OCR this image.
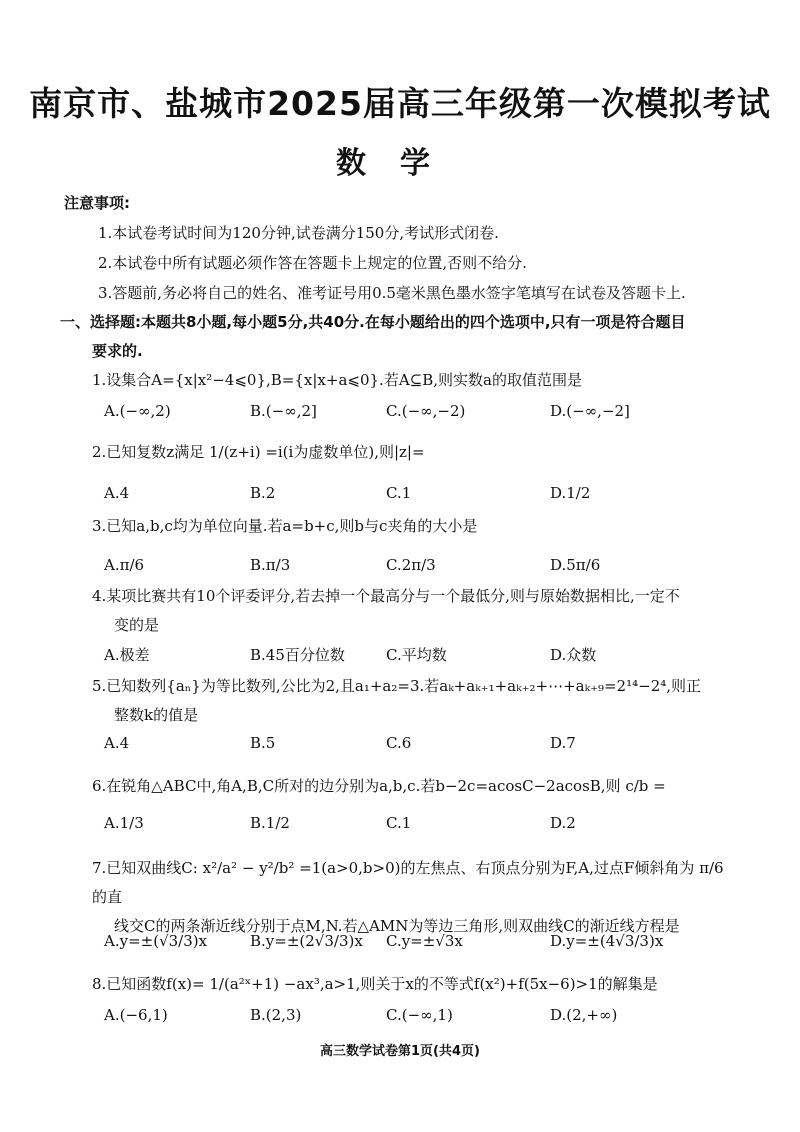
南京市、盐城市2025届高三年级第一次模拟考试
数学
注意事项:
1.本试卷考试时间为120分钟,试卷满分150分,考试形式闭卷.
2.本试卷中所有试题必须作答在答题卡上规定的位置,否则不给分.
3.答题前,务必将自己的姓名、准考证号用0.5毫米黑色墨水签字笔填写在试卷及答题卡上.
一、选择题:本题共8小题,每小题5分,共40分.在每小题给出的四个选项中,只有一项是符合题目
要求的.
1.设集合A={x|x²−4⩽0},B={x|x+a⩽0}.若A⊆B,则实数a的取值范围是
A.(−∞,2)	B.(−∞,2]	C.(−∞,−2)	D.(−∞,−2]
2.已知复数z满足 1/(z+i) =i(i为虚数单位),则|z|=
A.4	B.2	C.1	D.1/2
3.已知a,b,c均为单位向量.若a=b+c,则b与c夹角的大小是
A.π/6	B.π/3	C.2π/3	D.5π/6
4.某项比赛共有10个评委评分,若去掉一个最高分与一个最低分,则与原始数据相比,一定不
变的是
A.极差	B.45百分位数	C.平均数	D.众数
5.已知数列{aₙ}为等比数列,公比为2,且a₁+a₂=3.若aₖ+aₖ₊₁+aₖ₊₂+⋯+aₖ₊₉=2¹⁴−2⁴,则正
整数k的值是
A.4	B.5	C.6	D.7
6.在锐角△ABC中,角A,B,C所对的边分别为a,b,c.若b−2c=acosC−2acosB,则 c/b =
A.1/3	B.1/2	C.1	D.2
7.已知双曲线C: x²/a² − y²/b² =1(a>0,b>0)的左焦点、右顶点分别为F,A,过点F倾斜角为 π/6 的直
线交C的两条渐近线分别于点M,N.若△AMN为等边三角形,则双曲线C的渐近线方程是
A.y=±(√3/3)x	B.y=±(2√3/3)x C.y=±√3x	D.y=±(4√3/3)x
8.已知函数f(x)= 1/(a²ˣ+1) −ax³,a>1,则关于x的不等式f(x²)+f(5x−6)>1的解集是
A.(−6,1)	B.(2,3)	C.(−∞,1)	D.(2,+∞)
高三数学试卷第1页(共4页)
